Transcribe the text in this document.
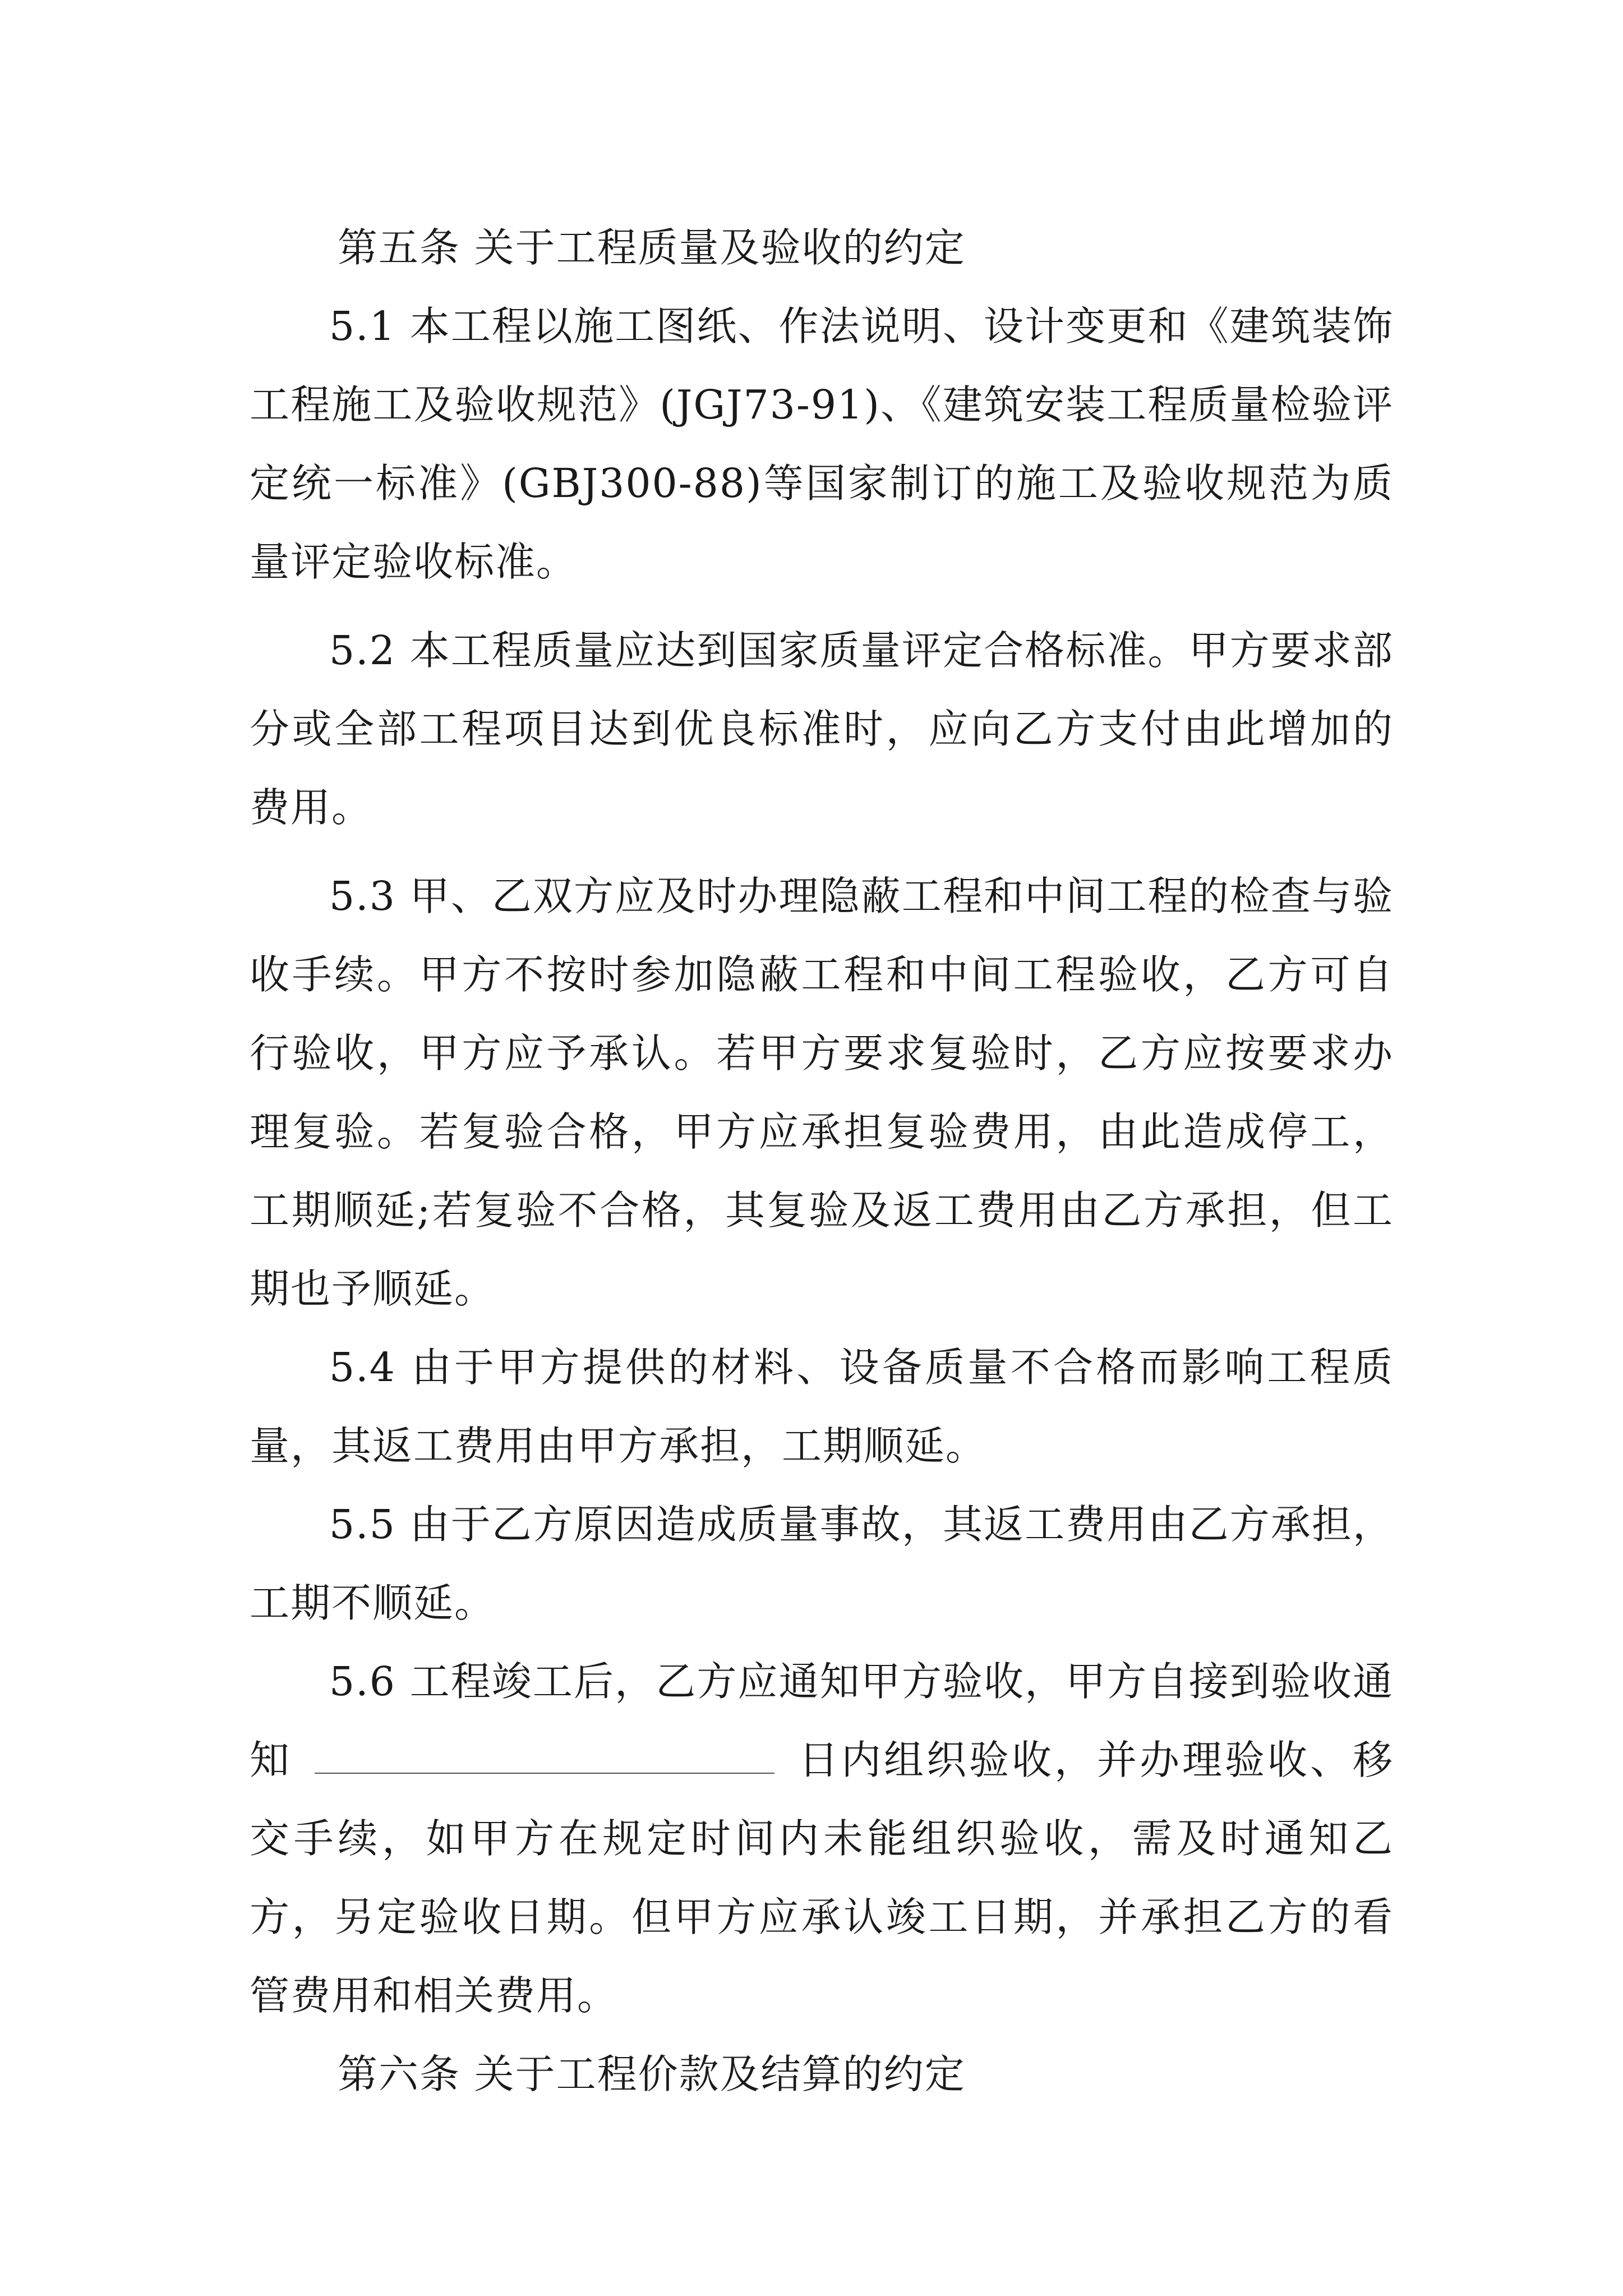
第五条 关于工程质量及验收的约定

5.1 本工程以施工图纸、作法说明、设计变更和《建筑装饰工程施工及验收规范》(JGJ73-91)、《建筑安装工程质量检验评定统一标准》(GBJ300-88)等国家制订的施工及验收规范为质量评定验收标准。

5.2 本工程质量应达到国家质量评定合格标准。甲方要求部分或全部工程项目达到优良标准时，应向乙方支付由此增加的费用。

5.3 甲、乙双方应及时办理隐蔽工程和中间工程的检查与验收手续。甲方不按时参加隐蔽工程和中间工程验收，乙方可自行验收，甲方应予承认。若甲方要求复验时，乙方应按要求办理复验。若复验合格，甲方应承担复验费用，由此造成停工，工期顺延;若复验不合格，其复验及返工费用由乙方承担，但工期也予顺延。

5.4 由于甲方提供的材料、设备质量不合格而影响工程质量，其返工费用由甲方承担，工期顺延。

5.5 由于乙方原因造成质量事故，其返工费用由乙方承担，工期不顺延。

5.6 工程竣工后，乙方应通知甲方验收，甲方自接到验收通知	日内组织验收，并办理验收、移交手续，如甲方在规定时间内未能组织验收，需及时通知乙方，另定验收日期。但甲方应承认竣工日期，并承担乙方的看管费用和相关费用。

第六条 关于工程价款及结算的约定
